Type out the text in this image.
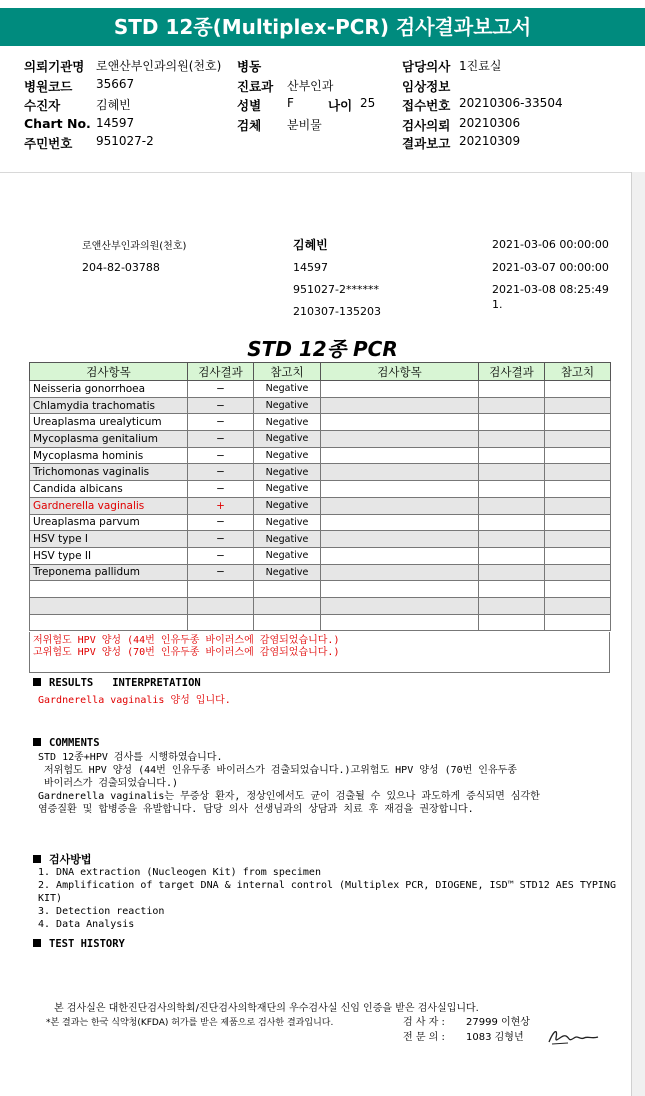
STD 12종(Multiplex-PCR) 검사결과보고서
의뢰기관명 로앤산부인과의원(천호)
병원코드 35667
수진자	김혜빈
Chart No. 14597
주민번호 951027-2
병동
진료과 산부인과
성별 F	나이 25
검체 분비물
담당의사 1진료실
임상정보
접수번호 20210306-33504
검사의뢰 20210306
결과보고 20210309
로앤산부인과의원(천호)
204-82-03788
김혜빈
14597
951027-2******
210307-135203
2021-03-06 00:00:00
2021-03-07 00:00:00
2021-03-08 08:25:49
1.
STD 12종 PCR
검사항목	검사결과	참고치	검사항목	검사결과	참고치
Neisseria gonorrhoea	−	Negative			
Chlamydia trachomatis	−	Negative			
Ureaplasma urealyticum	−	Negative			
Mycoplasma genitalium	−	Negative			
Mycoplasma hominis	−	Negative			
Trichomonas vaginalis	−	Negative			
Candida albicans	−	Negative			
Gardnerella vaginalis	+	Negative			
Ureaplasma parvum	−	Negative			
HSV type I	−	Negative			
HSV type II	−	Negative			
Treponema pallidum	−	Negative			

저위험도 HPV 양성 (44번 인유두종 바이러스에 감염되었습니다.)
고위험도 HPV 양성 (70번 인유두종 바이러스에 감염되었습니다.)
RESULTS   INTERPRETATION
Gardnerella vaginalis 양성 입니다.
COMMENTS
STD 12종+HPV 검사를 시행하였습니다.
저위험도 HPV 양성 (44번 인유두종 바이러스가 검출되었습니다.)고위험도 HPV 양성 (70번 인유두종
바이러스가 검출되었습니다.)
Gardnerella vaginalis는 무증상 환자, 정상인에서도 균이 검출될 수 있으나 과도하게 증식되면 심각한
염증질환 및 합병증을 유발합니다. 담당 의사 선생님과의 상담과 치료 후 재검을 권장합니다.
검사방법
1. DNA extraction (Nucleogen Kit) from specimen
2. Amplification of target DNA & internal control (Multiplex PCR, DIOGENE, ISD™ STD12 AES TYPING
KIT)
3. Detection reaction
4. Data Analysis
TEST HISTORY
본 검사실은 대한진단검사의학회/진단검사의학재단의 우수검사실 신임 인증을 받은 검사실입니다.
*본 결과는 한국 식약청(KFDA) 허가를 받은 제품으로 검사한 결과입니다.	검 사 자 : 27999 이현상
전 문 의 : 1083 김형년
